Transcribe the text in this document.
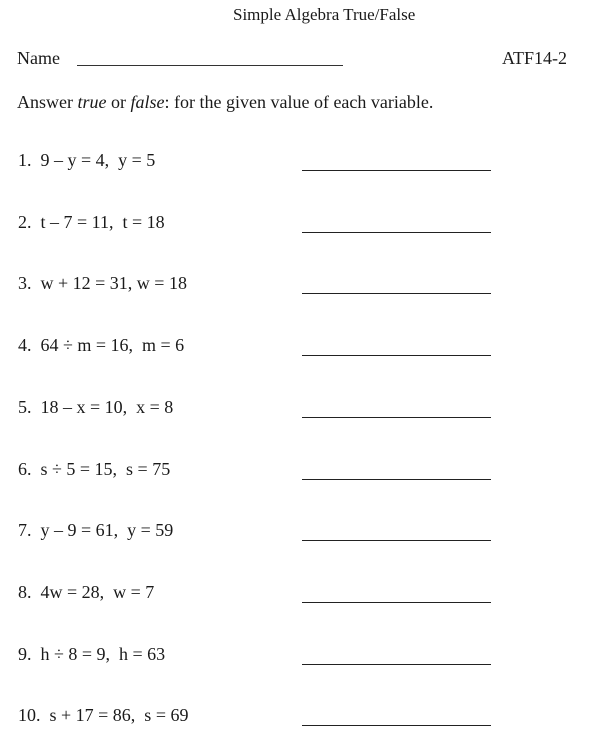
Simple Algebra True/False
Name	ATF14-2
Answer true or false: for the given value of each variable.
1. 9 – y = 4,  y = 5
2. t – 7 = 11,  t = 18
3. w + 12 = 31, w = 18
4. 64 ÷ m = 16,  m = 6
5. 18 – x = 10,  x = 8
6. s ÷ 5 = 15,  s = 75
7. y – 9 = 61,  y = 59
8. 4w = 28,  w = 7
9. h ÷ 8 = 9,  h = 63
10. s + 17 = 86,  s = 69
